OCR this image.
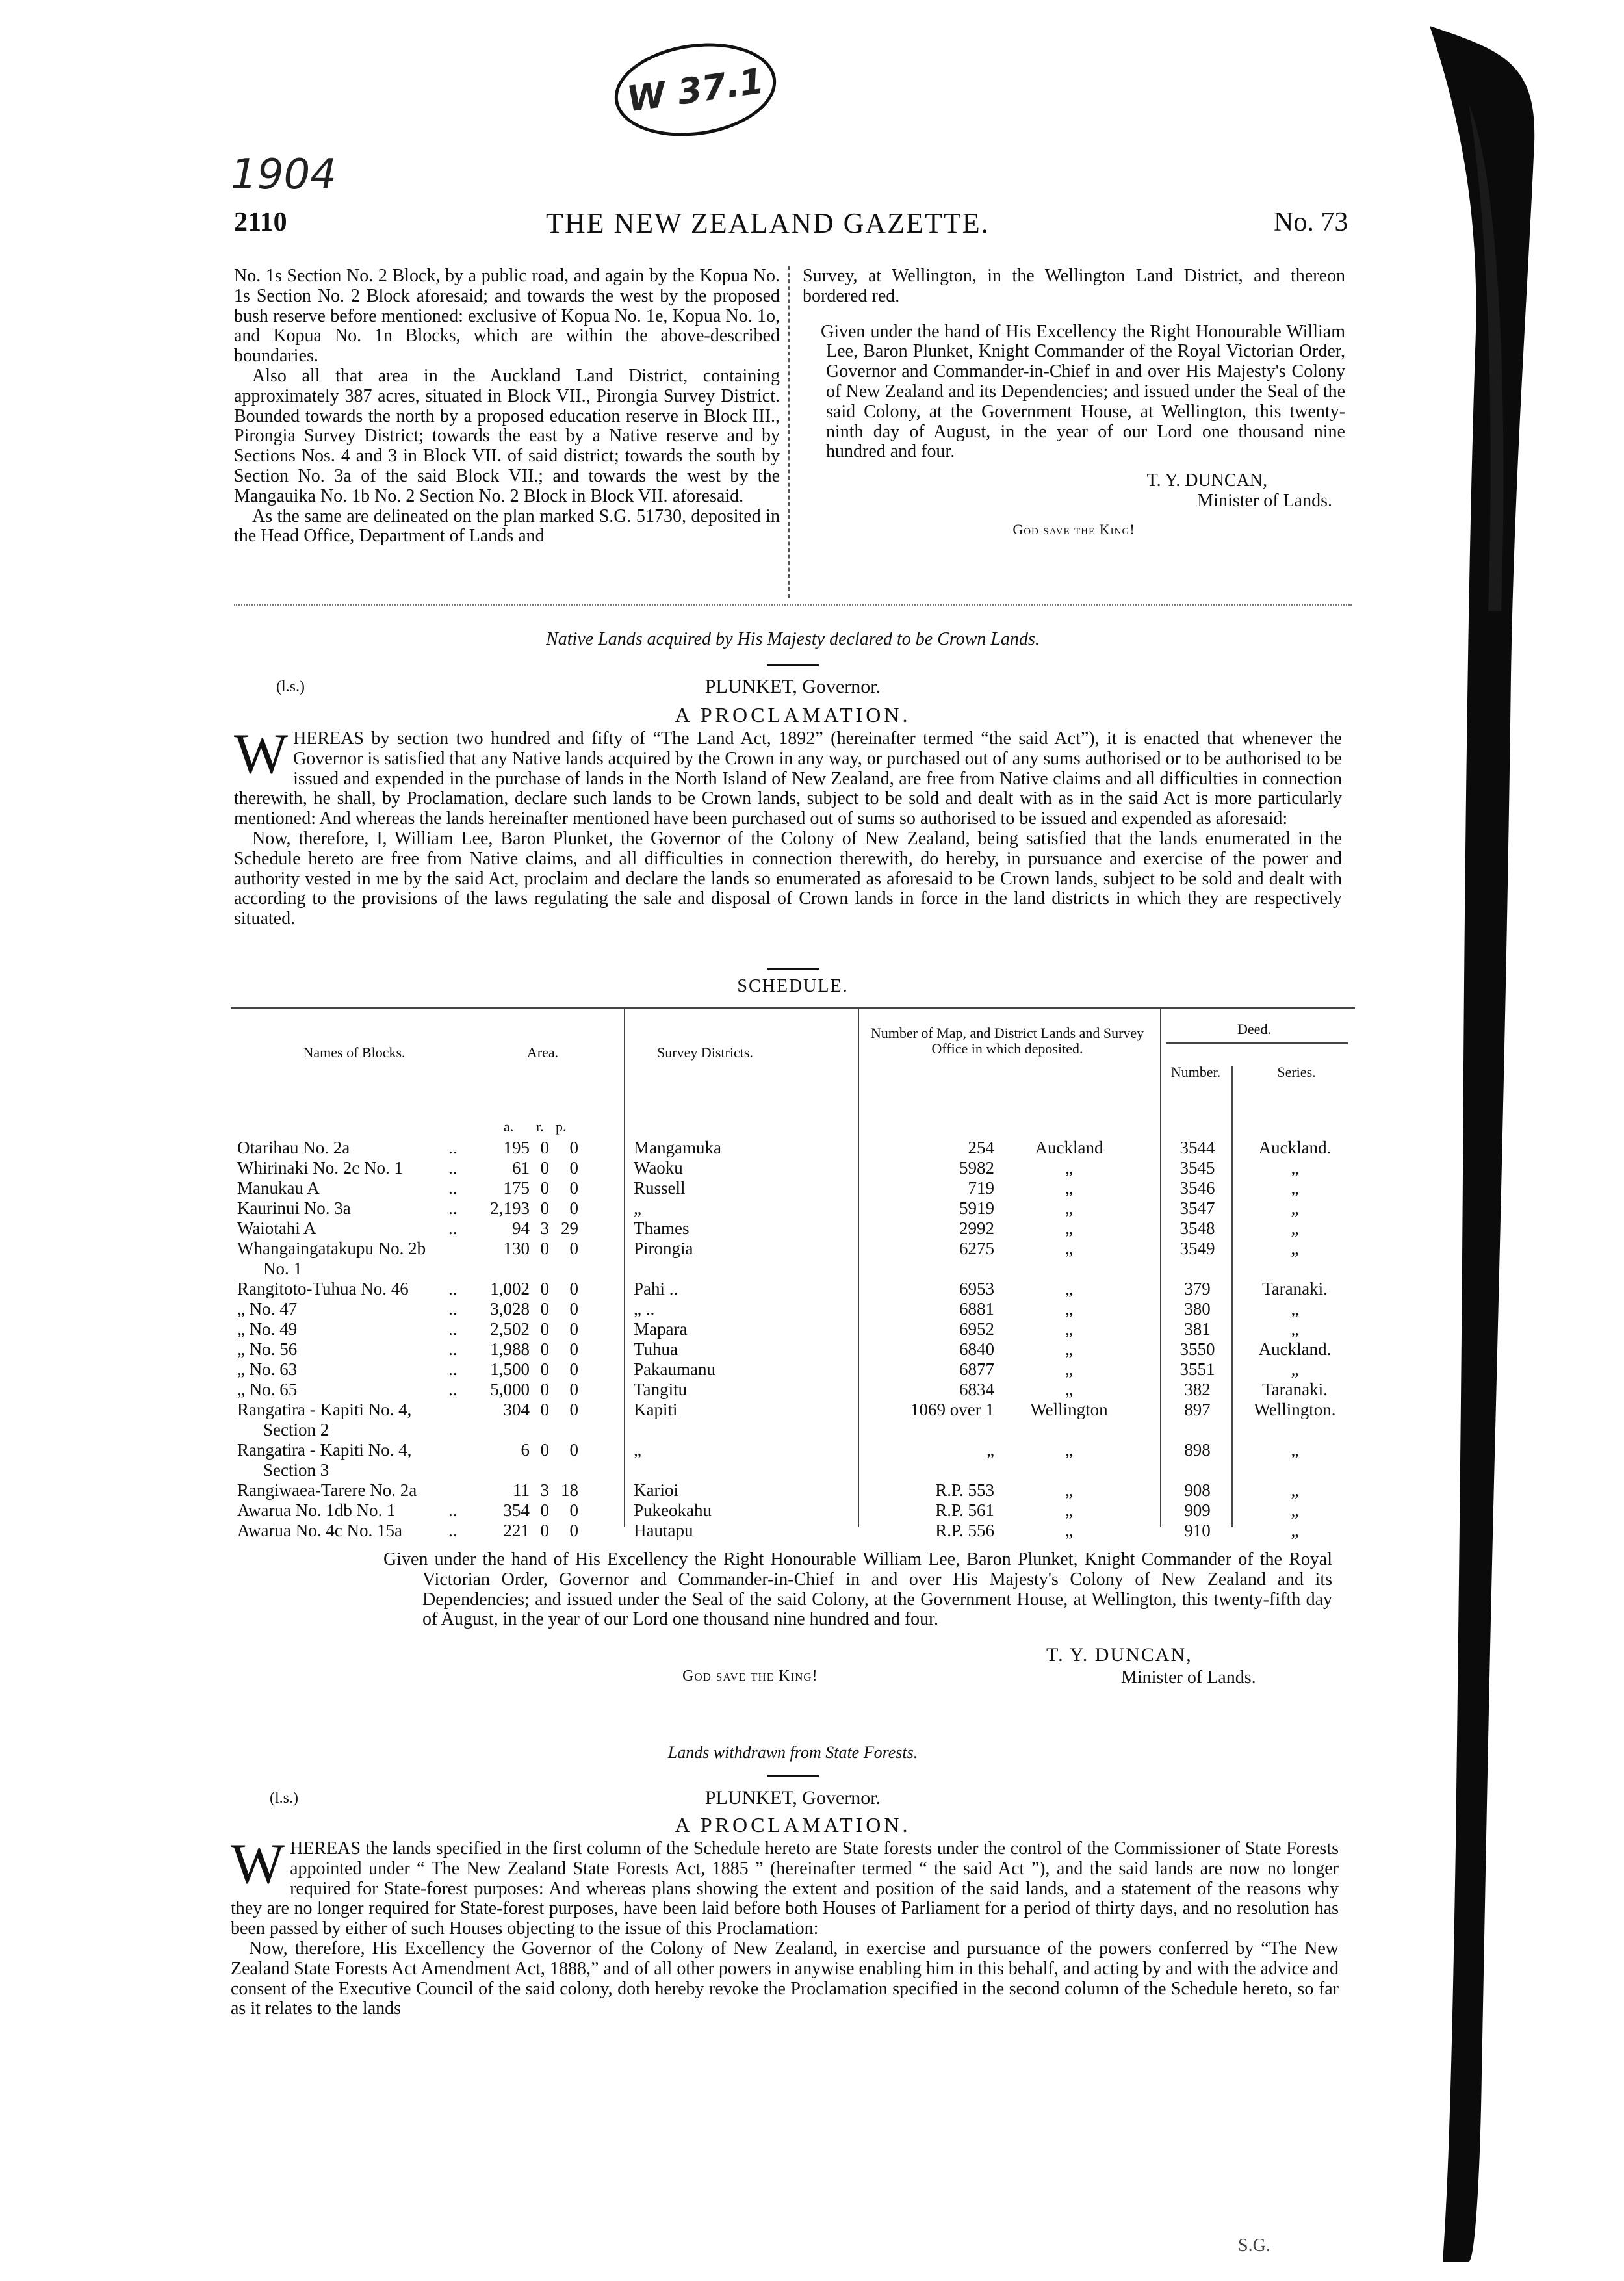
W 37.1
1904
2110	THE NEW ZEALAND GAZETTE.	No. 73

No. 1s Section No. 2 Block, by a public road, and again by the Kopua No. 1s Section No. 2 Block aforesaid; and towards the west by the proposed bush reserve before mentioned: exclusive of Kopua No. 1e, Kopua No. 1o, and Kopua No. 1n Blocks, which are within the above-described boundaries.

Also all that area in the Auckland Land District, containing approximately 387 acres, situated in Block VII., Pirongia Survey District. Bounded towards the north by a proposed education reserve in Block III., Pirongia Survey District; towards the east by a Native reserve and by Sections Nos. 4 and 3 in Block VII. of said district; towards the south by Section No. 3a of the said Block VII.; and towards the west by the Mangauika No. 1b No. 2 Section No. 2 Block in Block VII. aforesaid.

As the same are delineated on the plan marked S.G. 51730, deposited in the Head Office, Department of Lands and

Survey, at Wellington, in the Wellington Land District, and thereon bordered red.

Given under the hand of His Excellency the Right Honourable William Lee, Baron Plunket, Knight Commander of the Royal Victorian Order, Governor and Commander-in-Chief in and over His Majesty's Colony of New Zealand and its Dependencies; and issued under the Seal of the said Colony, at the Government House, at Wellington, this twenty-ninth day of August, in the year of our Lord one thousand nine hundred and four.

T. Y. DUNCAN,

Minister of Lands.

God save the King!

Native Lands acquired by His Majesty declared to be Crown Lands.
(l.s.)	PLUNKET, Governor.
A PROCLAMATION.

WHEREAS by section two hundred and fifty of “The Land Act, 1892” (hereinafter termed “the said Act”), it is enacted that whenever the Governor is satisfied that any Native lands acquired by the Crown in any way, or purchased out of any sums authorised or to be authorised to be issued and expended in the purchase of lands in the North Island of New Zealand, are free from Native claims and all difficulties in connection therewith, he shall, by Proclamation, declare such lands to be Crown lands, subject to be sold and dealt with as in the said Act is more particularly mentioned: And whereas the lands hereinafter mentioned have been purchased out of sums so authorised to be issued and expended as aforesaid:

Now, therefore, I, William Lee, Baron Plunket, the Governor of the Colony of New Zealand, being satisfied that the lands enumerated in the Schedule hereto are free from Native claims, and all difficulties in connection therewith, do hereby, in pursuance and exercise of the power and authority vested in me by the said Act, proclaim and declare the lands so enumerated as aforesaid to be Crown lands, subject to be sold and dealt with according to the provisions of the laws regulating the sale and disposal of Crown lands in force in the land districts in which they are respectively situated.

SCHEDULE.
Names of Blocks.	Area.	Survey Districts.
Number of Map, and District Lands and Survey Office in which deposited.
Deed.
Number.	Series.
a. r. p.
Otarihau No. 2a	..	195 0	0	Mangamuka	254	Auckland	3544	Auckland.
Whirinaki No. 2c No. 1	..	61 0	0	Waoku	5982	„	3545	„
Manukau A	..	175 0	0	Russell	719	„	3546	„
Kaurinui No. 3a	..	2,193 0	0	„	5919	„	3547	„
Waiotahi A	..	94 3 29	Thames	2992	„	3548	„
Whangaingatakupu No. 2b	130 0	0	Pirongia	6275	„	3549	„
No. 1
Rangitoto-Tuhua No. 46	..	1,002 0	0	Pahi ..	6953	„	379	Taranaki.
„ No. 47	..	3,028 0	0	„ ..	6881	„	380	„
„ No. 49	..	2,502 0	0	Mapara	6952	„	381	„
„ No. 56	..	1,988 0	0	Tuhua	6840	„	3550	Auckland.
„ No. 63	..	1,500 0	0	Pakaumanu	6877	„	3551	„
„ No. 65	..	5,000 0	0	Tangitu	6834	„	382	Taranaki.
Rangatira - Kapiti No. 4,	304 0	0	Kapiti	1069 over 1	Wellington	897	Wellington.
Section 2
Rangatira - Kapiti No. 4,	6 0	0	„	„	„	898	„
Section 3
Rangiwaea-Tarere No. 2a	11 3 18	Karioi	R.P. 553	„	908	„
Awarua No. 1db No. 1	..	354 0	0	Pukeokahu	R.P. 561	„	909	„
Awarua No. 4c No. 15a	..	221 0	0	Hautapu	R.P. 556	„	910	„

Given under the hand of His Excellency the Right Honourable William Lee, Baron Plunket, Knight Commander of the Royal Victorian Order, Governor and Commander-in-Chief in and over His Majesty's Colony of New Zealand and its Dependencies; and issued under the Seal of the said Colony, at the Government House, at Wellington, this twenty-fifth day of August, in the year of our Lord one thousand nine hundred and four.

T. Y. DUNCAN,
God save the King!	Minister of Lands.
Lands withdrawn from State Forests.
(l.s.)	PLUNKET, Governor.
A PROCLAMATION.

WHEREAS the lands specified in the first column of the Schedule hereto are State forests under the control of the Commissioner of State Forests appointed under “ The New Zealand State Forests Act, 1885 ” (hereinafter termed “ the said Act ”), and the said lands are now no longer required for State-forest purposes: And whereas plans showing the extent and position of the said lands, and a statement of the reasons why they are no longer required for State-forest purposes, have been laid before both Houses of Parliament for a period of thirty days, and no resolution has been passed by either of such Houses objecting to the issue of this Proclamation:

Now, therefore, His Excellency the Governor of the Colony of New Zealand, in exercise and pursuance of the powers conferred by “The New Zealand State Forests Act Amendment Act, 1888,” and of all other powers in anywise enabling him in this behalf, and acting by and with the advice and consent of the Executive Council of the said colony, doth hereby revoke the Proclamation specified in the second column of the Schedule hereto, so far as it relates to the lands

S.G.
